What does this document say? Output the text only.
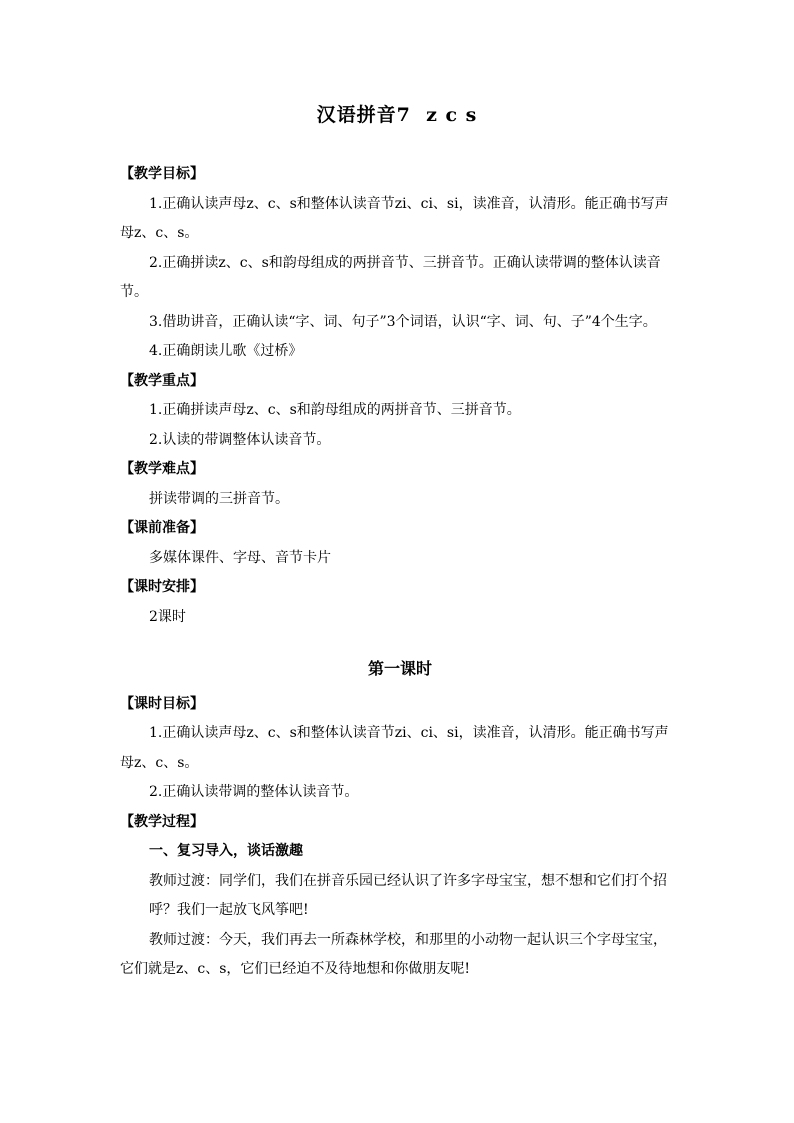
汉语拼音7  z c s

【教学目标】

1.正确认读声母z、c、s和整体认读音节zi、ci、si，读准音，认清形。能正确书写声母z、c、s。

2.正确拼读z、c、s和韵母组成的两拼音节、三拼音节。正确认读带调的整体认读音节。

3.借助讲音，正确认读“字、词、句子”3个词语，认识“字、词、句、子”4个生字。

4.正确朗读儿歌《过桥》

【教学重点】

1.正确拼读声母z、c、s和韵母组成的两拼音节、三拼音节。

2.认读的带调整体认读音节。

【教学难点】

拼读带调的三拼音节。

【课前准备】

多媒体课件、字母、音节卡片

【课时安排】

2课时

第一课时

【课时目标】

1.正确认读声母z、c、s和整体认读音节zi、ci、si，读准音，认清形。能正确书写声母z、c、s。

2.正确认读带调的整体认读音节。

【教学过程】

一、复习导入，谈话激趣

教师过渡：同学们，我们在拼音乐园已经认识了许多字母宝宝，想不想和它们打个招呼？我们一起放飞风筝吧!

教师过渡：今天，我们再去一所森林学校，和那里的小动物一起认识三个字母宝宝，它们就是z、c、s，它们已经迫不及待地想和你做朋友呢!
